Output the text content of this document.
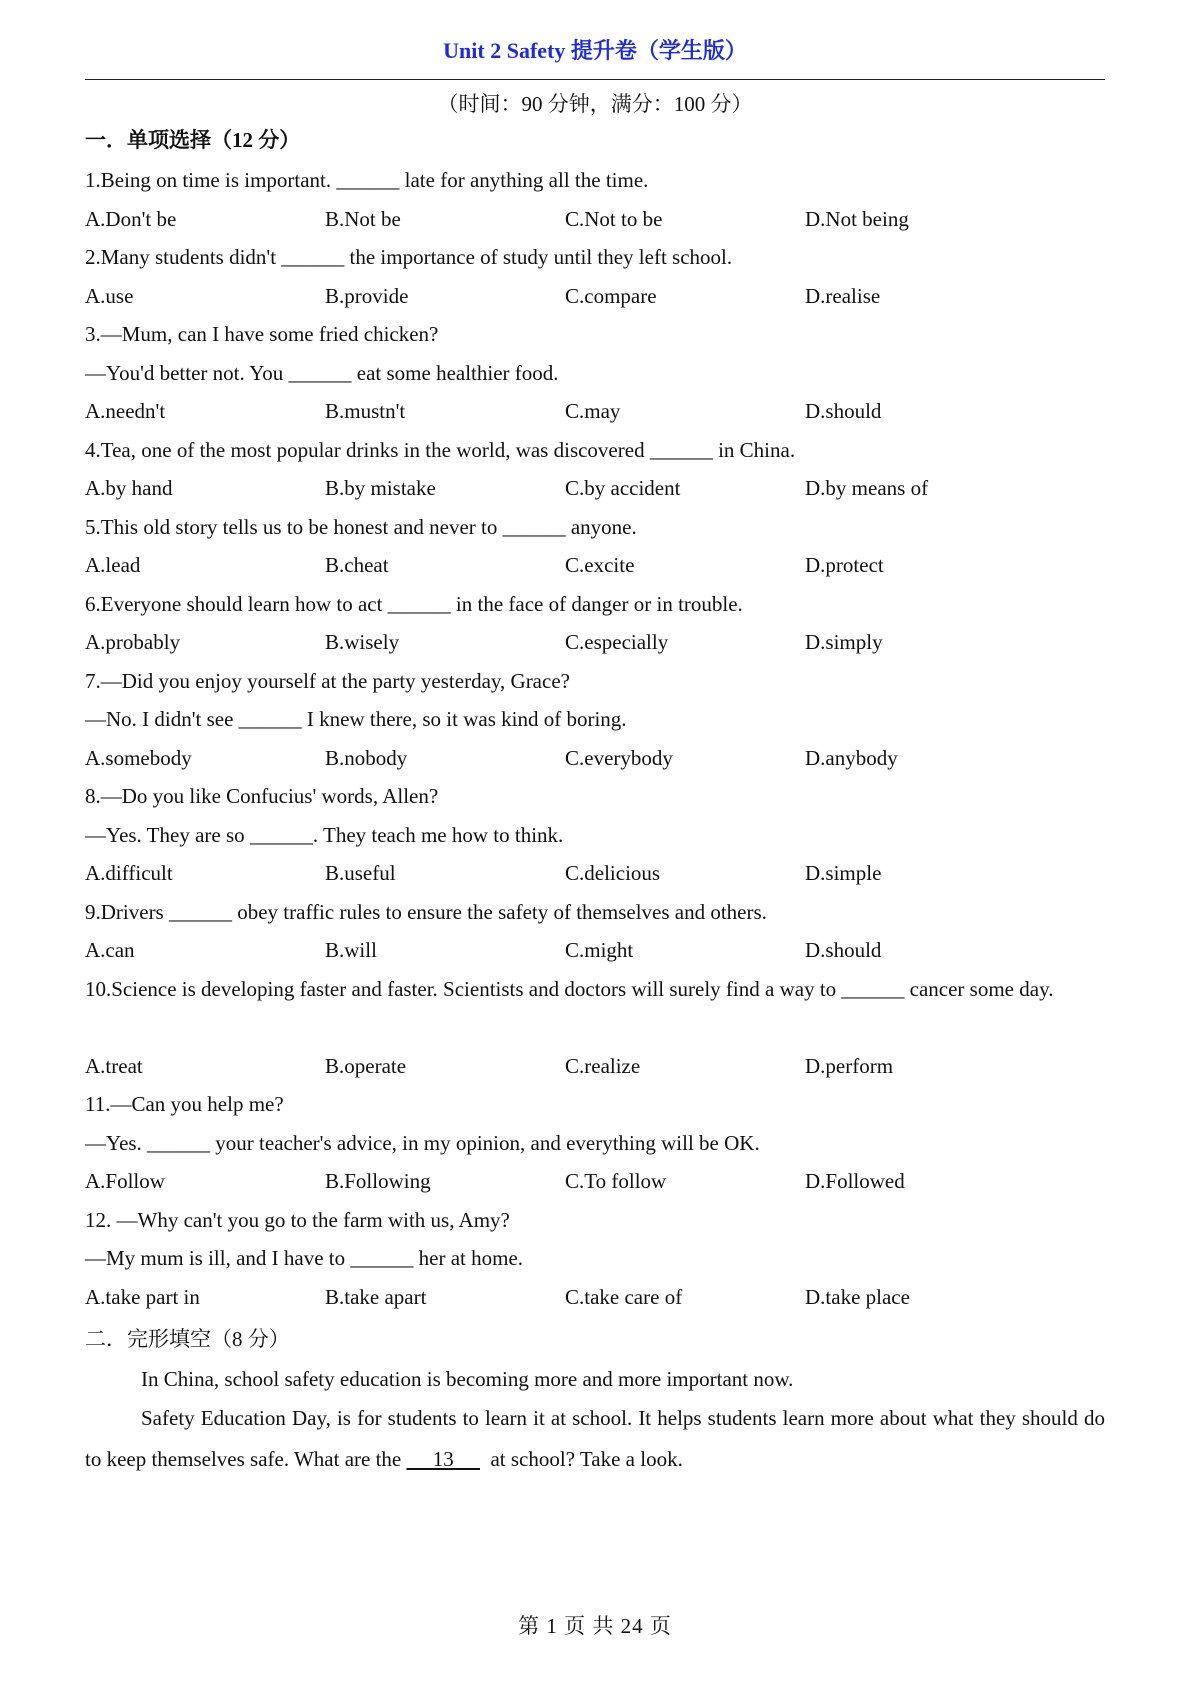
Unit 2 Safety 提升卷（学生版）
（时间：90 分钟，满分：100 分）
一．单项选择（12 分）
1.Being on time is important. ______ late for anything all the time.
A.Don't be	B.Not be	C.Not to be	D.Not being
2.Many students didn't ______ the importance of study until they left school.
A.use	B.provide	C.compare	D.realise
3.—Mum, can I have some fried chicken?
—You'd better not. You ______ eat some healthier food.
A.needn't	B.mustn't	C.may	D.should
4.Tea, one of the most popular drinks in the world, was discovered ______ in China.
A.by hand	B.by mistake	C.by accident	D.by means of
5.This old story tells us to be honest and never to ______ anyone.
A.lead	B.cheat	C.excite	D.protect
6.Everyone should learn how to act ______ in the face of danger or in trouble.
A.probably	B.wisely	C.especially	D.simply
7.—Did you enjoy yourself at the party yesterday, Grace?
—No. I didn't see ______ I knew there, so it was kind of boring.
A.somebody	B.nobody	C.everybody	D.anybody
8.—Do you like Confucius' words, Allen?
—Yes. They are so ______. They teach me how to think.
A.difficult	B.useful	C.delicious	D.simple
9.Drivers ______ obey traffic rules to ensure the safety of themselves and others.
A.can	B.will	C.might	D.should
10.Science is developing faster and faster. Scientists and doctors will surely find a way to ______ cancer some day.
A.treat	B.operate	C.realize	D.perform
11.—Can you help me?
—Yes. ______ your teacher's advice, in my opinion, and everything will be OK.
A.Follow	B.Following	C.To follow	D.Followed
12. —Why can't you go to the farm with us, Amy?
—My mum is ill, and I have to ______ her at home.
A.take part in	B.take apart	C.take care of	D.take place
二．完形填空（8 分）
In China, school safety education is becoming more and more important now.
Safety Education Day, is for students to learn it at school. It helps students learn more about what they should do to keep themselves safe. What are the      13       at school? Take a look.
第 1 页 共 24 页
